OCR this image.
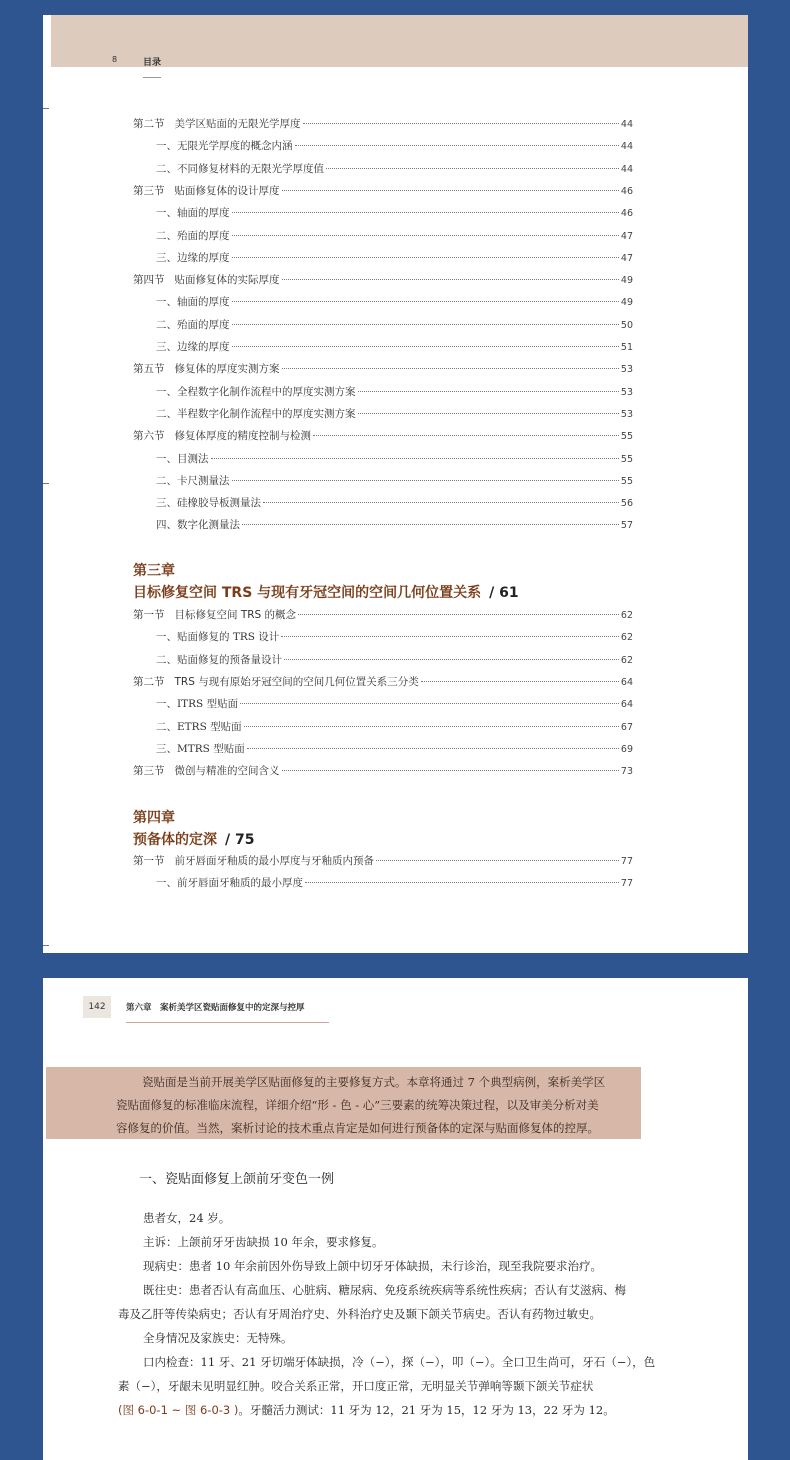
8	目录
第二节 美学区贴面的无限光学厚度	44
一、无限光学厚度的概念内涵	44
二、不同修复材料的无限光学厚度值	44
第三节 贴面修复体的设计厚度	46
一、轴面的厚度	46
二、殆面的厚度	47
三、边缘的厚度	47
第四节 贴面修复体的实际厚度	49
一、轴面的厚度	49
二、殆面的厚度	50
三、边缘的厚度	51
第五节 修复体的厚度实测方案	53
一、全程数字化制作流程中的厚度实测方案	53
二、半程数字化制作流程中的厚度实测方案	53
第六节 修复体厚度的精度控制与检测	55
一、目测法	55
二、卡尺测量法	55
三、硅橡胶导板测量法	56
四、数字化测量法	57
第三章
目标修复空间 TRS 与现有牙冠空间的空间几何位置关系 / 61
第一节 目标修复空间 TRS 的概念	62
一、贴面修复的 TRS 设计	62
二、贴面修复的预备量设计	62
第二节 TRS 与现有原始牙冠空间的空间几何位置关系三分类	64
一、ITRS 型贴面	64
二、ETRS 型贴面	67
三、MTRS 型贴面	69
第三节 微创与精准的空间含义	73
第四章
预备体的定深 / 75
第一节 前牙唇面牙釉质的最小厚度与牙釉质内预备	77
一、前牙唇面牙釉质的最小厚度	77
142	第六章　案析美学区瓷贴面修复中的定深与控厚

瓷贴面是当前开展美学区贴面修复的主要修复方式。本章将通过 7 个典型病例，案析美学区

瓷贴面修复的标准临床流程，详细介绍“形 - 色 - 心”三要素的统筹决策过程，以及审美分析对美

容修复的价值。当然，案析讨论的技术重点肯定是如何进行预备体的定深与贴面修复体的控厚。

一、瓷贴面修复上颌前牙变色一例
患者女，24 岁。
主诉：上颌前牙牙齿缺损 10 年余，要求修复。
现病史：患者 10 年余前因外伤导致上颌中切牙牙体缺损，未行诊治，现至我院要求治疗。
既往史：患者否认有高血压、心脏病、糖尿病、免疫系统疾病等系统性疾病；否认有艾滋病、梅
毒及乙肝等传染病史；否认有牙周治疗史、外科治疗史及颞下颌关节病史。否认有药物过敏史。
全身情况及家族史：无特殊。
口内检查：11 牙、21 牙切端牙体缺损，冷（−），探（−），叩（−）。全口卫生尚可，牙石（−），色
素（−），牙龈未见明显红肿。咬合关系正常，开口度正常，无明显关节弹响等颞下颌关节症状
(图 6-0-1 ~ 图 6-0-3 )。牙髓活力测试：11 牙为 12，21 牙为 15，12 牙为 13，22 牙为 12。
